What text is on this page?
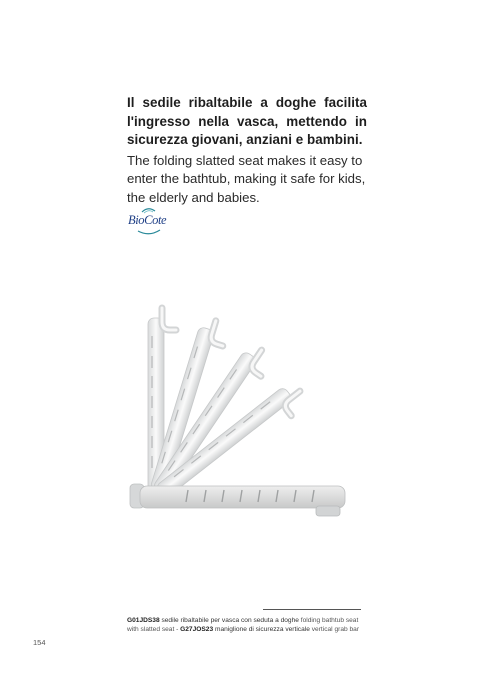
Il sedile ribaltabile a doghe facilita l'ingresso nella vasca, mettendo in sicurezza giovani, anziani e bambini.

The folding slatted seat makes it easy to enter the bathtub, making it safe for kids, the elderly and babies.

BioCote
G01JDS38 sedile ribaltabile per vasca con seduta a doghe folding bathtub seat with slatted seat - G27JOS23 maniglione di sicurezza verticale vertical grab bar
154
